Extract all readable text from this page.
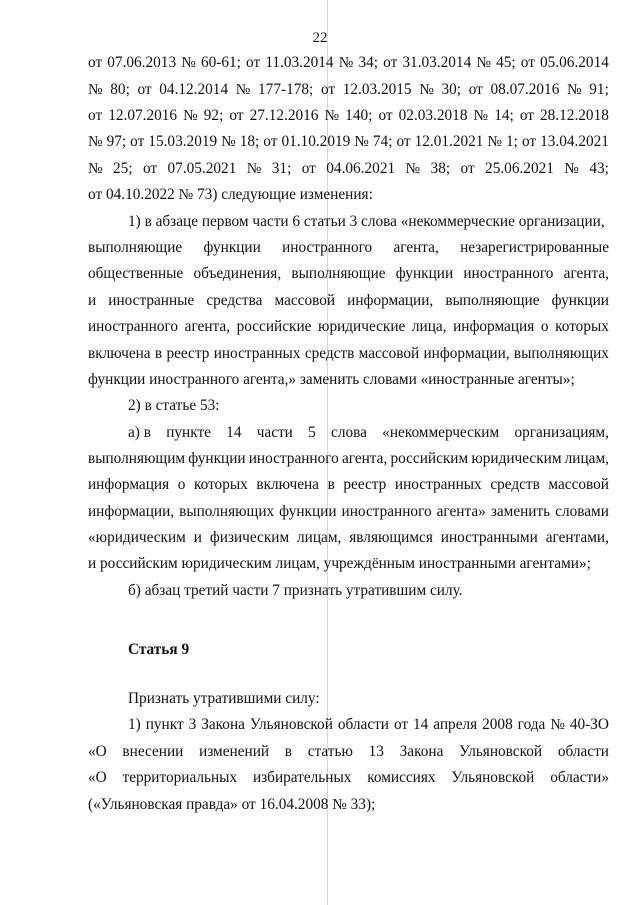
22
от 07.06.2013 № 60-61; от 11.03.2014 № 34; от 31.03.2014 № 45; от 05.06.2014
№ 80; от 04.12.2014 № 177-178; от 12.03.2015 № 30; от 08.07.2016 № 91;
от 12.07.2016 № 92; от 27.12.2016 № 140; от 02.03.2018 № 14; от 28.12.2018
№ 97; от 15.03.2019 № 18; от 01.10.2019 № 74; от 12.01.2021 № 1; от 13.04.2021
№ 25; от 07.05.2021 № 31; от 04.06.2021 № 38; от 25.06.2021 № 43;
от 04.10.2022 № 73) следующие изменения:
1) в абзаце первом части 6 статьи 3 слова «некоммерческие организации,
выполняющие функции иностранного агента, незарегистрированные
общественные объединения, выполняющие функции иностранного агента,
и иностранные средства массовой информации, выполняющие функции
иностранного агента, российские юридические лица, информация о которых
включена в реестр иностранных средств массовой информации, выполняющих
функции иностранного агента,» заменить словами «иностранные агенты»;
2) в статье 53:
а) в пункте 14 части 5 слова «некоммерческим организациям,
выполняющим функции иностранного агента, российским юридическим лицам,
информация о которых включена в реестр иностранных средств массовой
информации, выполняющих функции иностранного агента» заменить словами
«юридическим и физическим лицам, являющимся иностранными агентами,
и российским юридическим лицам, учреждённым иностранными агентами»;
б) абзац третий части 7 признать утратившим силу.
Статья 9
Признать утратившими силу:
1) пункт 3 Закона Ульяновской области от 14 апреля 2008 года № 40-ЗО
«О внесении изменений в статью 13 Закона Ульяновской области
«О территориальных избирательных комиссиях Ульяновской области»
(«Ульяновская правда» от 16.04.2008 № 33);
